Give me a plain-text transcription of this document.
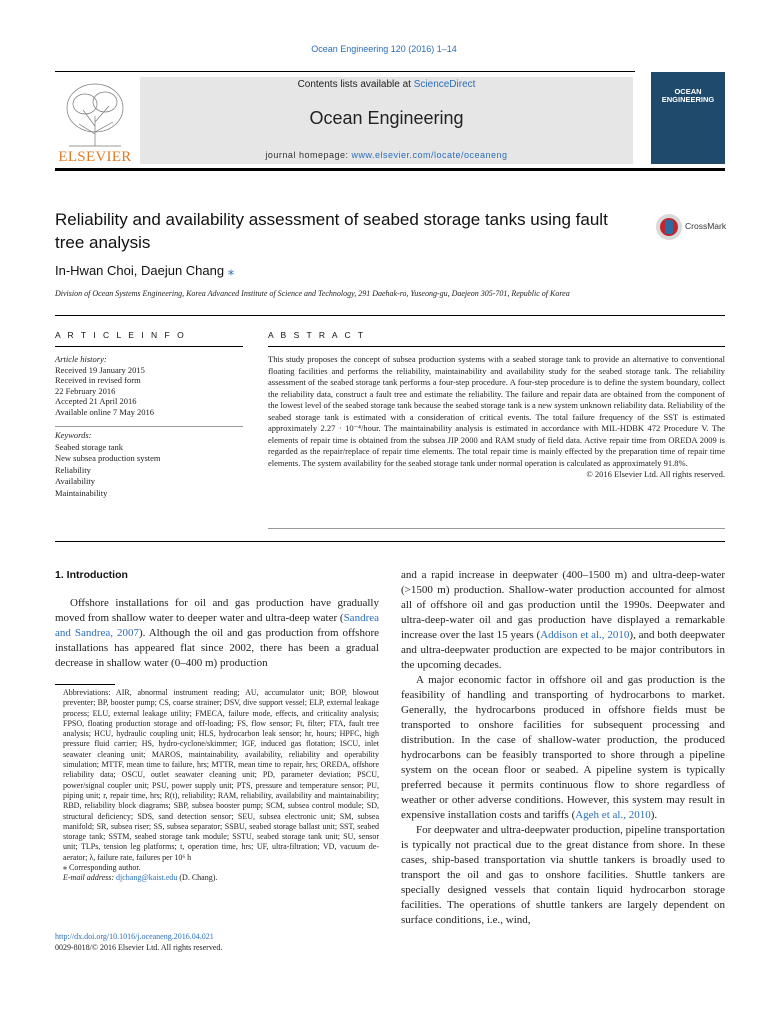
Ocean Engineering 120 (2016) 1–14
ELSEVIER
Contents lists available at ScienceDirect
Ocean Engineering
journal homepage: www.elsevier.com/locate/oceaneng
OCEAN
ENGINEERING
Reliability and availability assessment of seabed storage tanks using fault tree analysis
CrossMark
In-Hwan Choi, Daejun Chang ⁎
Division of Ocean Systems Engineering, Korea Advanced Institute of Science and Technology, 291 Daehak-ro, Yuseong-gu, Daejeon 305-701, Republic of Korea
A R T I C L E I N F O	A B S T R A C T
Article history:
Received 19 January 2015
Received in revised form
22 February 2016
Accepted 21 April 2016
Available online 7 May 2016
Keywords:
Seabed storage tank
New subsea production system
Reliability
Availability
Maintainability
This study proposes the concept of subsea production systems with a seabed storage tank to provide an alternative to conventional floating facilities and performs the reliability, maintainability and availability study for the seabed storage tank. The reliability assessment of the seabed storage tank performs a four-step procedure. A four-step procedure is to define the system boundary, collect the reliability data, construct a fault tree and estimate the reliability. The failure and repair data are obtained from the component of the lowest level of the seabed storage tank because the seabed storage tank is a new system unknown reliability data. Reliability of the seabed storage tank is estimated with a consideration of critical events. The total failure frequency of the SST is estimated approximately 2.27 · 10⁻⁴/hour. The maintainability analysis is estimated in accordance with MIL-HDBK 472 Procedure V. The elements of repair time is obtained from the subsea JIP 2000 and RAM study of field data. Active repair time from OREDA 2009 is regarded as the repair/replace of repair time elements. The total repair time is mainly effected by the preparation time of repair time elements. The system availability for the seabed storage tank under normal operation is calculated as approximately 91.8%.
© 2016 Elsevier Ltd. All rights reserved.
1. Introduction

Offshore installations for oil and gas production have gradually moved from shallow water to deeper water and ultra-deep water (Sandrea and Sandrea, 2007). Although the oil and gas production from offshore installations has appeared flat since 2002, there has been a gradual decrease in shallow water (0–400 m) production

Abbreviations: AIR, abnormal instrument reading; AU, accumulator unit; BOP, blowout preventer; BP, booster pump; CS, coarse strainer; DSV, dive support vessel; ELP, external leakage process; ELU, external leakage utility; FMECA, failure mode, effects, and criticality analysis; FPSO, floating production storage and off-loading; FS, flow sensor; Ft, filter; FTA, fault tree analysis; HCU, hydraulic coupling unit; HLS, hydrocarbon leak sensor; hr, hours; HPFC, high pressure fluid carrier; HS, hydro-cyclone/skimmer; IGF, induced gas flotation; ISCU, inlet seawater cleaning unit; MAROS, maintainability, availability, reliability and operability simulation; MTTF, mean time to failure, hrs; MTTR, mean time to repair, hrs; OREDA, offshore reliability data; OSCU, outlet seawater cleaning unit; PD, parameter deviation; PSCU, power/signal coupler unit; PSU, power supply unit; PTS, pressure and temperature sensor; PU, piping unit; r, repair time, hrs; R(t), reliability; RAM, reliability, availability and maintainability; RBD, reliability block diagrams; SBP, subsea booster pump; SCM, subsea control module; SD, structural deficiency; SDS, sand detection sensor; SEU, subsea electronic unit; SM, subsea manifold; SR, subsea riser; SS, subsea separator; SSBU, seabed storage ballast unit; SST, seabed storage tank; SSTM, seabed storage tank module; SSTU, seabed storage tank unit; SU, sensor unit; TLPs, tension leg platforms; t, operation time, hrs; UF, ultra-filtration; VD, vacuum de-aerator; λ, failure rate, failures per 10⁶ h

⁎ Corresponding author.

E-mail address: djchang@kaist.edu (D. Chang).

http://dx.doi.org/10.1016/j.oceaneng.2016.04.021
0029-8018/© 2016 Elsevier Ltd. All rights reserved.

and a rapid increase in deepwater (400–1500 m) and ultra-deep-water (>1500 m) production. Shallow-water production accounted for almost all of offshore oil and gas production until the 1990s. Deepwater and ultra-deep-water oil and gas production have displayed a remarkable increase over the last 15 years (Addison et al., 2010), and both deepwater and ultra-deepwater production are expected to be major contributors in the upcoming decades.

A major economic factor in offshore oil and gas production is the feasibility of handling and transporting of hydrocarbons to market. Generally, the hydrocarbons produced in offshore fields must be transported to onshore facilities for subsequent processing and distribution. In the case of shallow-water production, the produced hydrocarbons can be feasibly transported to shore through a pipeline system on the ocean floor or seabed. A pipeline system is typically preferred because it permits continuous flow to shore regardless of weather or other adverse conditions. However, this system may result in expensive installation costs and tariffs (Ageh et al., 2010).

For deepwater and ultra-deepwater production, pipeline transportation is typically not practical due to the great distance from shore. In these cases, ship-based transportation via shuttle tankers is broadly used to transport the oil and gas to onshore facilities. Shuttle tankers are specially designed vessels that contain liquid hydrocarbon storage facilities. The operations of shuttle tankers are largely dependent on surface conditions, i.e., wind,
